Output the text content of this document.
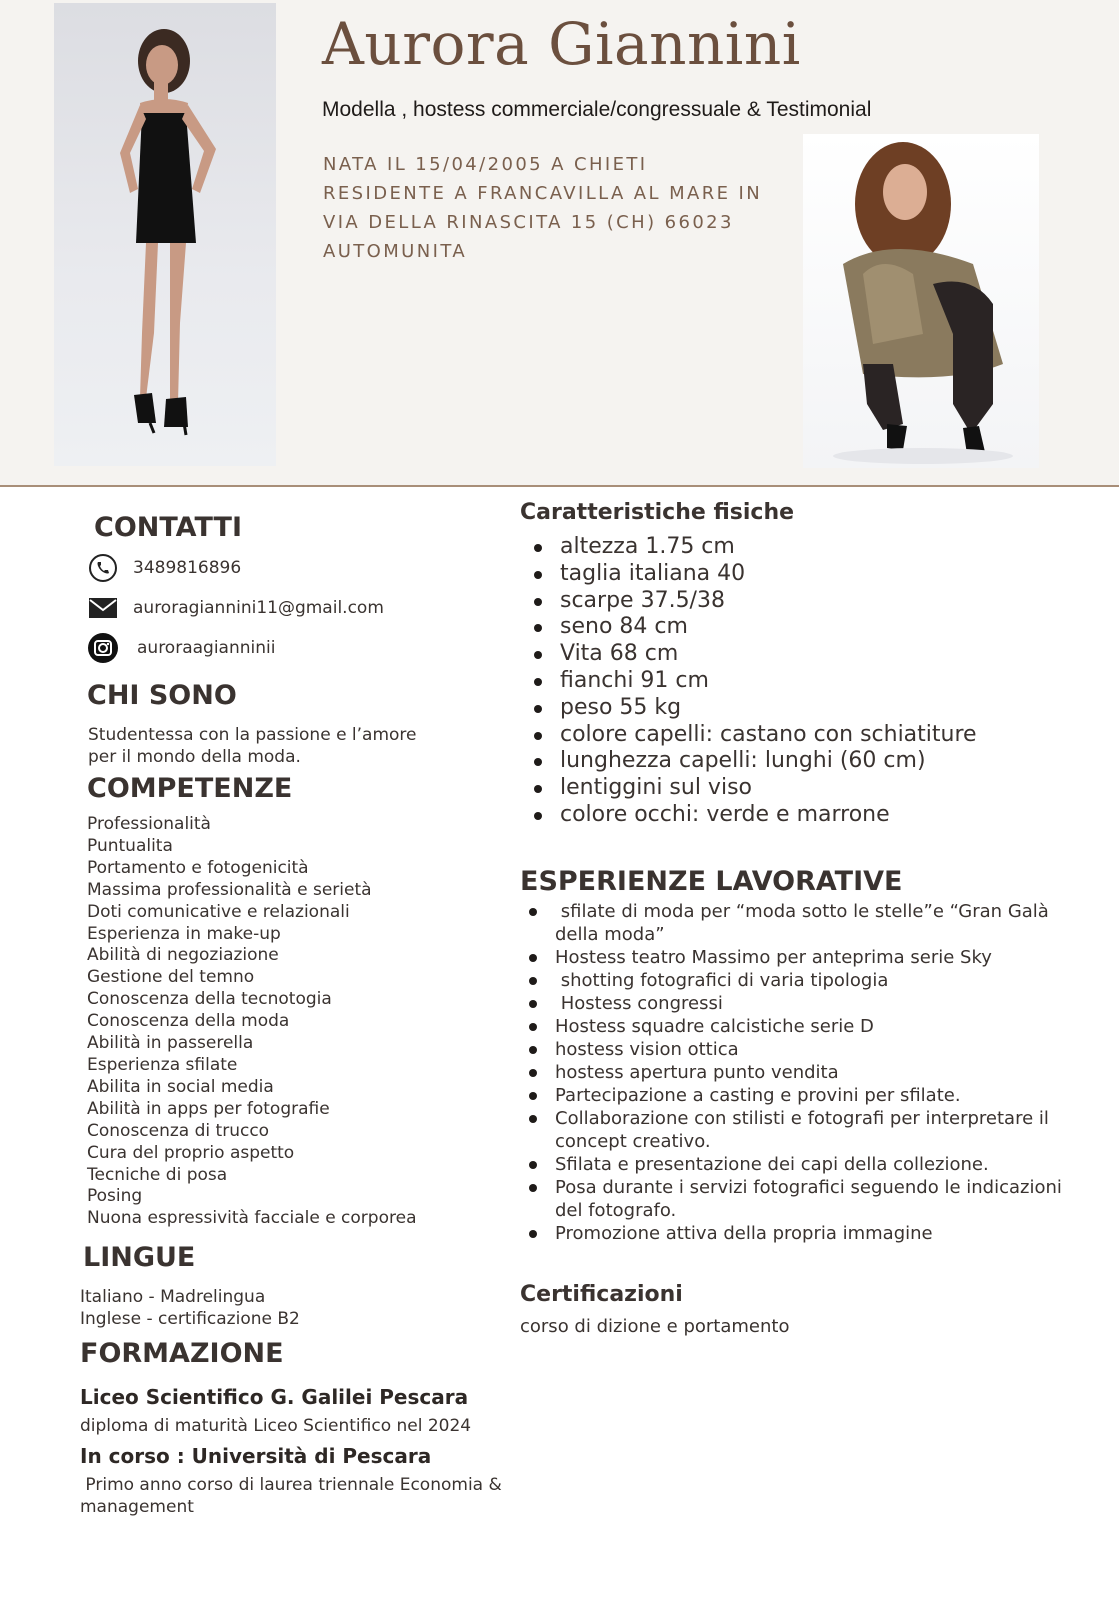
Aurora Giannini
Modella , hostess commerciale/congressuale & Testimonial
NATA IL 15/04/2005 A CHIETI
RESIDENTE A FRANCAVILLA AL MARE IN
VIA DELLA RINASCITA 15 (CH) 66023
AUTOMUNITA
CONTATTI
3489816896
auroragiannini11@gmail.com
auroraagianninii
CHI SONO
Studentessa con la passione e l’amore
per il mondo della moda.
COMPETENZE
Professionalità
Puntualita
Portamento e fotogenicità
Massima professionalità e serietà
Doti comunicative e relazionali
Esperienza in make-up
Abilità di negoziazione
Gestione del temno
Conoscenza della tecnotogia
Conoscenza della moda
Abilità in passerella
Esperienza sfilate
Abilita in social media
Abilità in apps per fotografie
Conoscenza di trucco
Cura del proprio aspetto
Tecniche di posa
Posing
Nuona espressività facciale e corporea
LINGUE
Italiano - Madrelingua
Inglese - certificazione B2
FORMAZIONE
Liceo Scientifico G. Galilei Pescara
diploma di maturità Liceo Scientifico nel 2024
In corso : Università di Pescara
Primo anno corso di laurea triennale Economia &
management
Caratteristiche fisiche
altezza 1.75 cm
taglia italiana 40
scarpe 37.5/38
seno 84 cm
Vita 68 cm
fianchi 91 cm
peso 55 kg
colore capelli: castano con schiatiture
lunghezza capelli: lunghi (60 cm)
lentiggini sul viso
colore occhi: verde e marrone
ESPERIENZE LAVORATIVE
sfilate di moda per “moda sotto le stelle”e “Gran Galà della moda”
Hostess teatro Massimo per anteprima serie Sky
shotting fotografici di varia tipologia
Hostess congressi
Hostess squadre calcistiche serie D
hostess vision ottica
hostess apertura punto vendita
Partecipazione a casting e provini per sfilate.
Collaborazione con stilisti e fotografi per interpretare il concept creativo.
Sfilata e presentazione dei capi della collezione.
Posa durante i servizi fotografici seguendo le indicazioni del fotografo.
Promozione attiva della propria immagine
Certificazioni
corso di dizione e portamento
